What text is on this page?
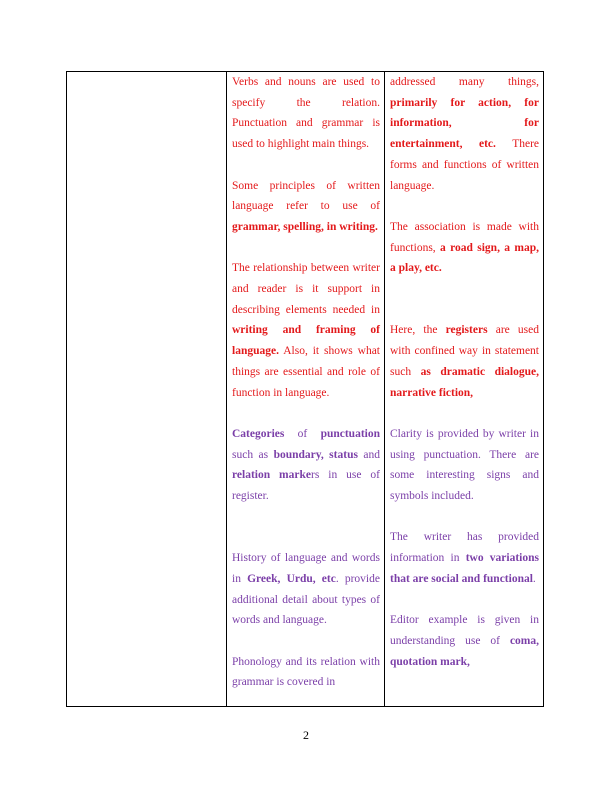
Verbs and nouns are used to specify the relation. Punctuation and grammar is used to highlight main things.

Some principles of written language refer to use of grammar, spelling, in writing.

The relationship between writer and reader is it support in describing elements needed in writing and framing of language. Also, it shows what things are essential and role of function in language.

Categories of punctuation such as boundary, status and relation markers in use of register.

History of language and words in Greek, Urdu, etc. provide additional detail about types of words and language.

Phonology and its relation with grammar is covered in

addressed many things, primarily for action, for information, for entertainment, etc. There forms and functions of written language.

The association is made with functions, a road sign, a map, a play, etc.

Here, the registers are used with confined way in statement such as dramatic dialogue, narrative fiction,

Clarity is provided by writer in using punctuation. There are some interesting signs and symbols included.

The writer has provided information in two variations that are social and functional.

Editor example is given in understanding use of coma, quotation mark,

2
